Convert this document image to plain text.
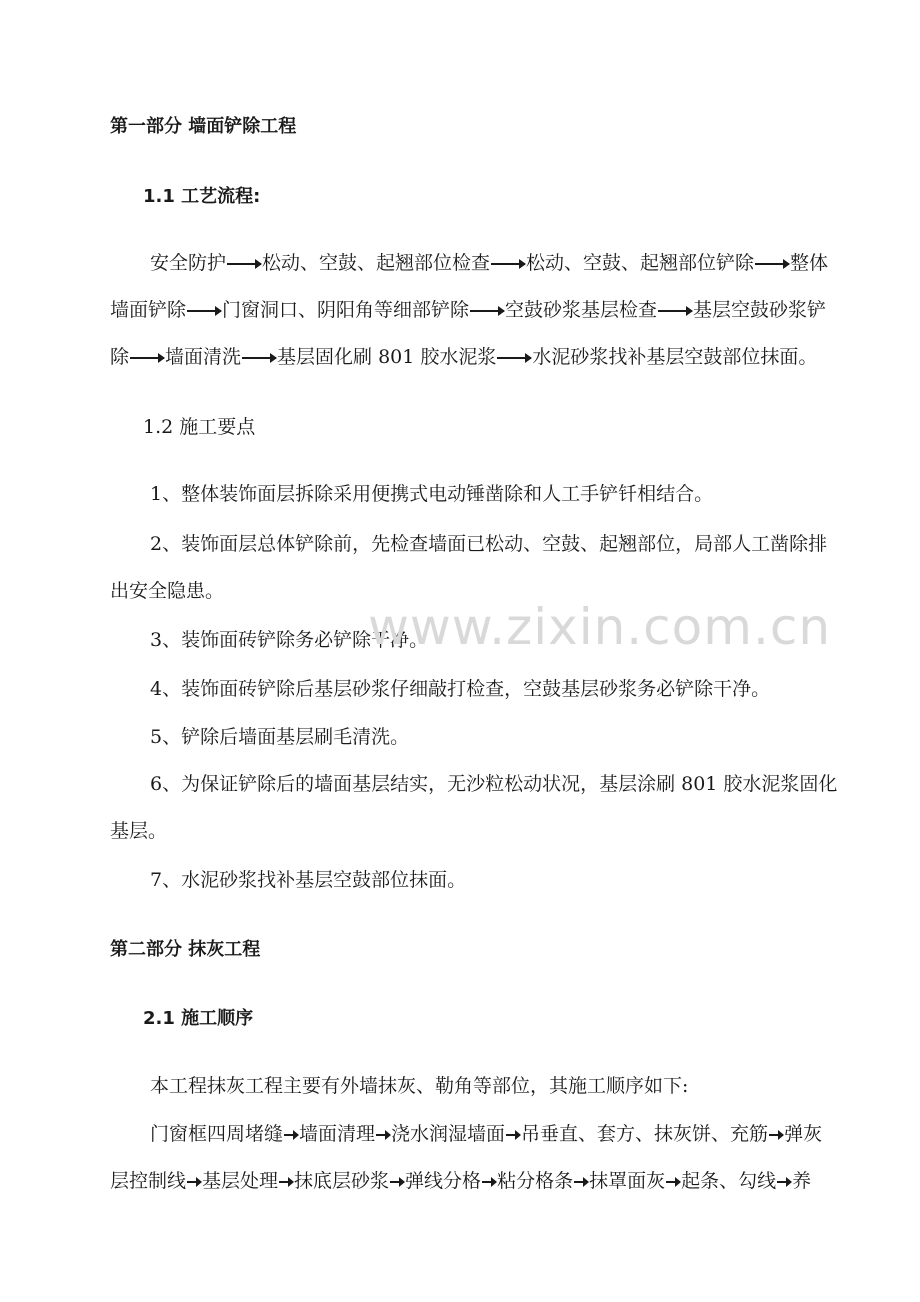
第一部分 墙面铲除工程
1.1 工艺流程:
安全防护 松动、空鼓、起翘部位检查 松动、空鼓、起翘部位铲除 整体
墙面铲除 门窗洞口、阴阳角等细部铲除 空鼓砂浆基层检查 基层空鼓砂浆铲
除 墙面清洗 基层固化刷 801 胶水泥浆 水泥砂浆找补基层空鼓部位抹面。
1.2 施工要点
1、整体装饰面层拆除采用便携式电动锤凿除和人工手铲钎相结合。
2、装饰面层总体铲除前，先检查墙面已松动、空鼓、起翘部位，局部人工凿除排
出安全隐患。
3、装饰面砖铲除务必铲除干净。
4、装饰面砖铲除后基层砂浆仔细敲打检查，空鼓基层砂浆务必铲除干净。
5、铲除后墙面基层刷毛清洗。
6、为保证铲除后的墙面基层结实，无沙粒松动状况，基层涂刷 801 胶水泥浆固化
基层。
7、水泥砂浆找补基层空鼓部位抹面。
第二部分 抹灰工程
2.1 施工顺序
本工程抹灰工程主要有外墙抹灰、勒角等部位，其施工顺序如下:
门窗框四周堵缝 墙面清理 浇水润湿墙面 吊垂直、套方、抹灰饼、充筋 弹灰
层控制线 基层处理 抹底层砂浆 弹线分格 粘分格条 抹罩面灰 起条、勾线 养
www.zixin.com.cn
